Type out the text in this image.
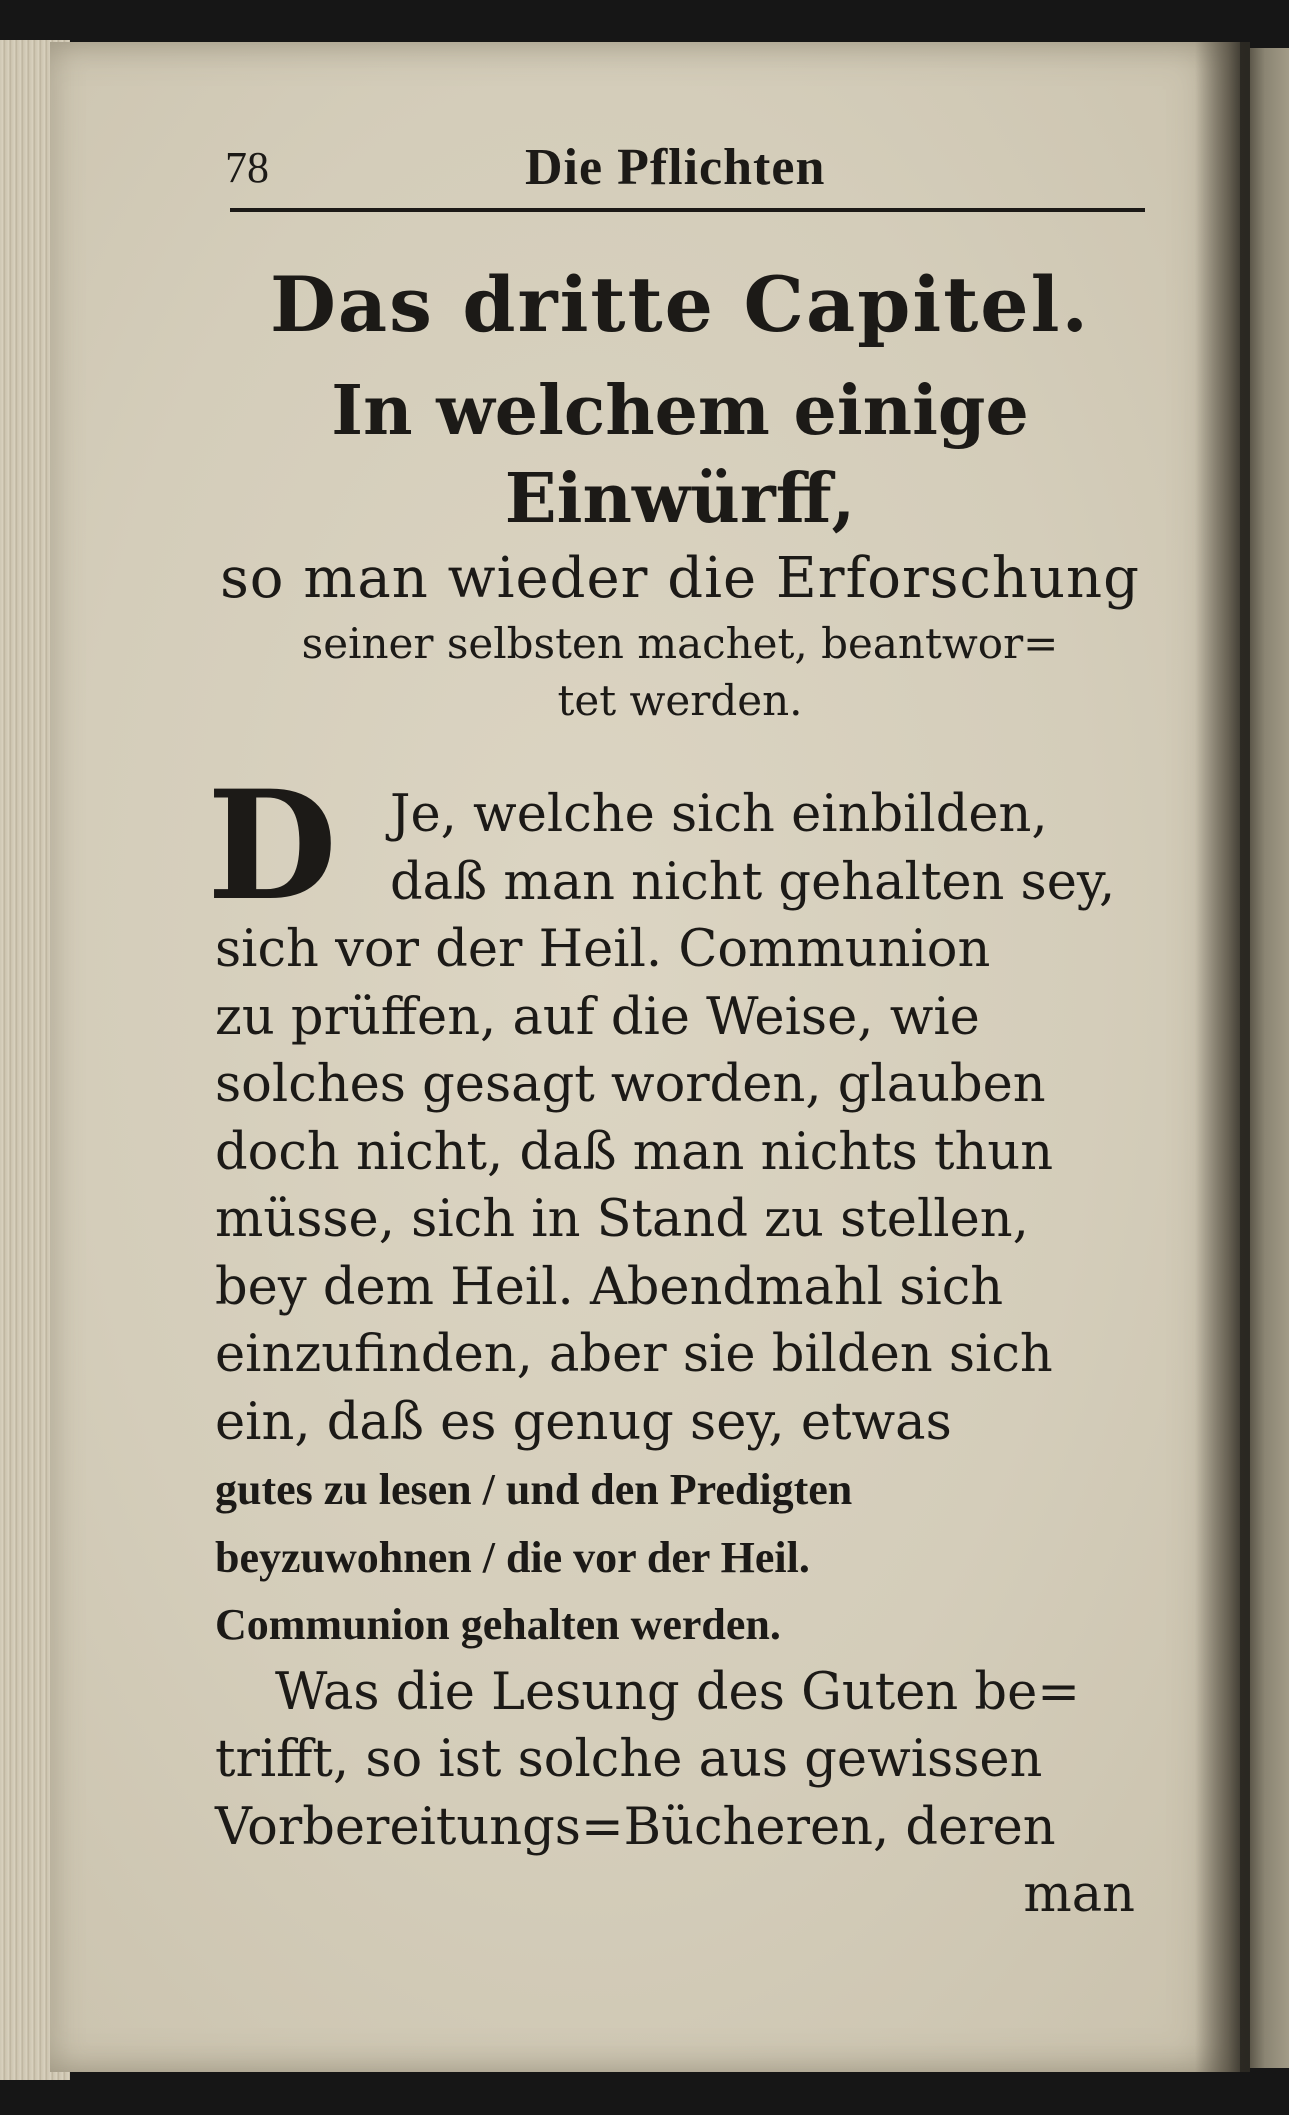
78	Die Pflichten
Das dritte Capitel.
In welchem einige Einwürff,
so man wieder die Erforschung
seiner selbsten machet, beantwor=
tet werden.
D	Je, welche sich einbilden,
daß man nicht gehalten sey,
sich vor der Heil. Communion
zu prüffen, auf die Weise, wie
solches gesagt worden, glauben
doch nicht, daß man nichts thun
müsse, sich in Stand zu stellen,
bey dem Heil. Abendmahl sich
einzufinden, aber sie bilden sich
ein, daß es genug sey, etwas
gutes zu lesen / und den Predigten
beyzuwohnen / die vor der Heil.
Communion gehalten werden.
Was die Lesung des Guten be=
trifft, so ist solche aus gewissen
Vorbereitungs=Bücheren, deren
man
